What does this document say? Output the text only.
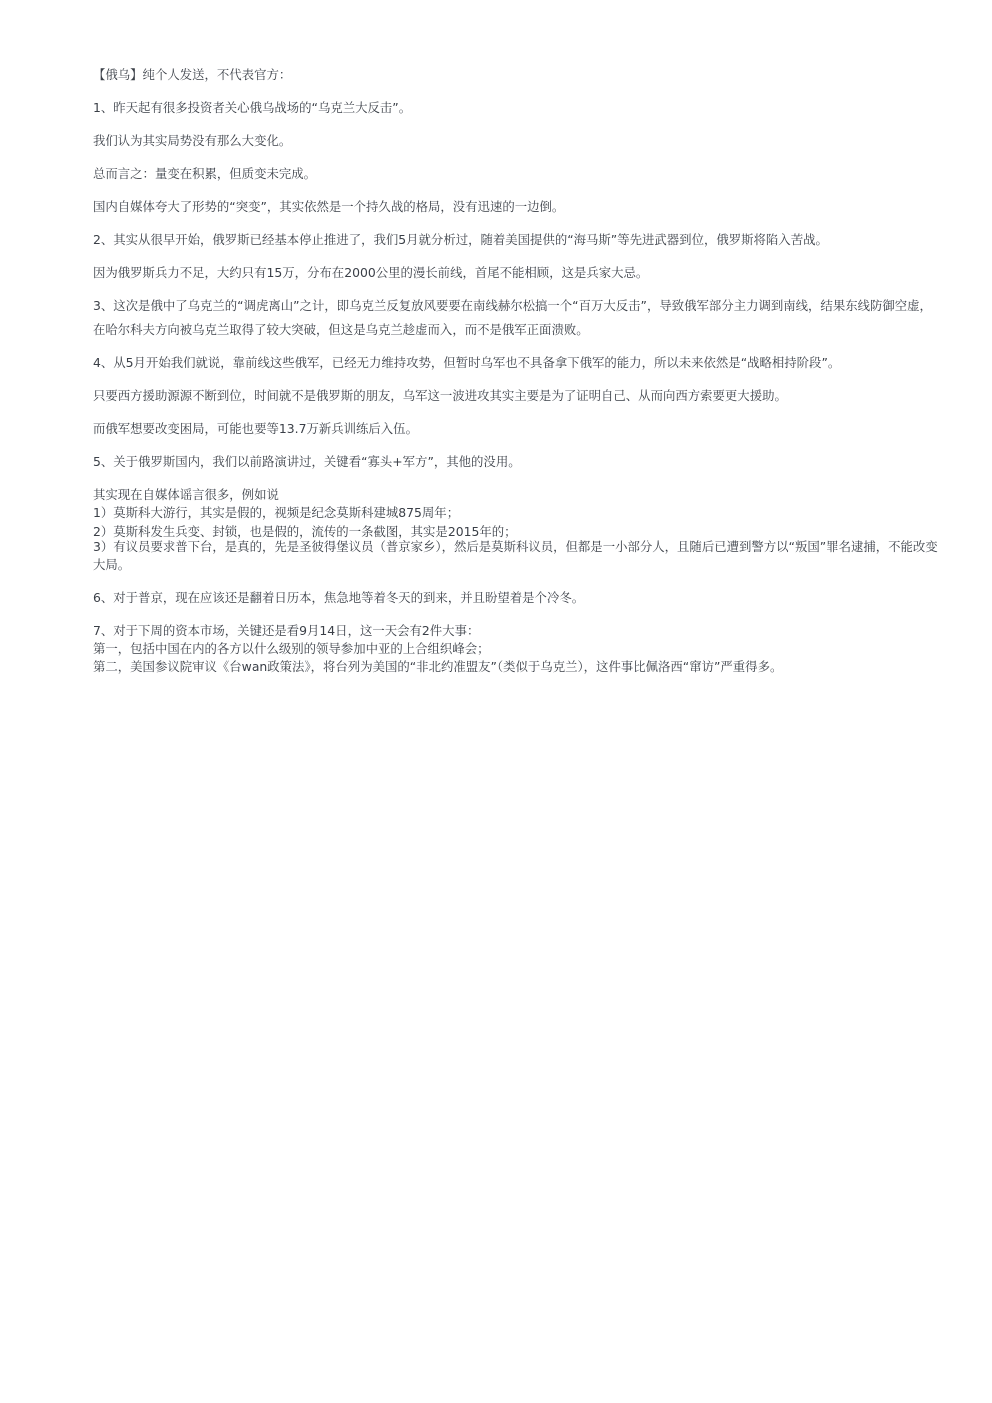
【俄乌】纯个人发送，不代表官方：

1、昨天起有很多投资者关心俄乌战场的“乌克兰大反击”。

我们认为其实局势没有那么大变化。

总而言之：量变在积累，但质变未完成。

国内自媒体夸大了形势的“突变”，其实依然是一个持久战的格局，没有迅速的一边倒。

2、其实从很早开始，俄罗斯已经基本停止推进了，我们5月就分析过，随着美国提供的“海马斯”等先进武器到位，俄罗斯将陷入苦战。

因为俄罗斯兵力不足，大约只有15万，分布在2000公里的漫长前线，首尾不能相顾，这是兵家大忌。

3、这次是俄中了乌克兰的“调虎离山”之计，即乌克兰反复放风要要在南线赫尔松搞一个“百万大反击”，导致俄军部分主力调到南线，结果东线防御空虚，在哈尔科夫方向被乌克兰取得了较大突破，但这是乌克兰趁虚而入，而不是俄军正面溃败。

4、从5月开始我们就说，靠前线这些俄军，已经无力维持攻势，但暂时乌军也不具备拿下俄军的能力，所以未来依然是“战略相持阶段”。

只要西方援助源源不断到位，时间就不是俄罗斯的朋友，乌军这一波进攻其实主要是为了证明自己、从而向西方索要更大援助。

而俄军想要改变困局，可能也要等13.7万新兵训练后入伍。

5、关于俄罗斯国内，我们以前路演讲过，关键看“寡头+军方”，其他的没用。

其实现在自媒体谣言很多，例如说

1）莫斯科大游行，其实是假的，视频是纪念莫斯科建城875周年；

2）莫斯科发生兵变、封锁，也是假的，流传的一条截图，其实是2015年的；

3）有议员要求普下台，是真的，先是圣彼得堡议员（普京家乡），然后是莫斯科议员，但都是一小部分人，且随后已遭到警方以“叛国”罪名逮捕，不能改变大局。

6、对于普京，现在应该还是翻着日历本，焦急地等着冬天的到来，并且盼望着是个冷冬。

7、对于下周的资本市场，关键还是看9月14日，这一天会有2件大事：

第一，包括中国在内的各方以什么级别的领导参加中亚的上合组织峰会；

第二，美国参议院审议《台wan政策法》，将台列为美国的“非北约准盟友”（类似于乌克兰），这件事比佩洛西“窜访”严重得多。
